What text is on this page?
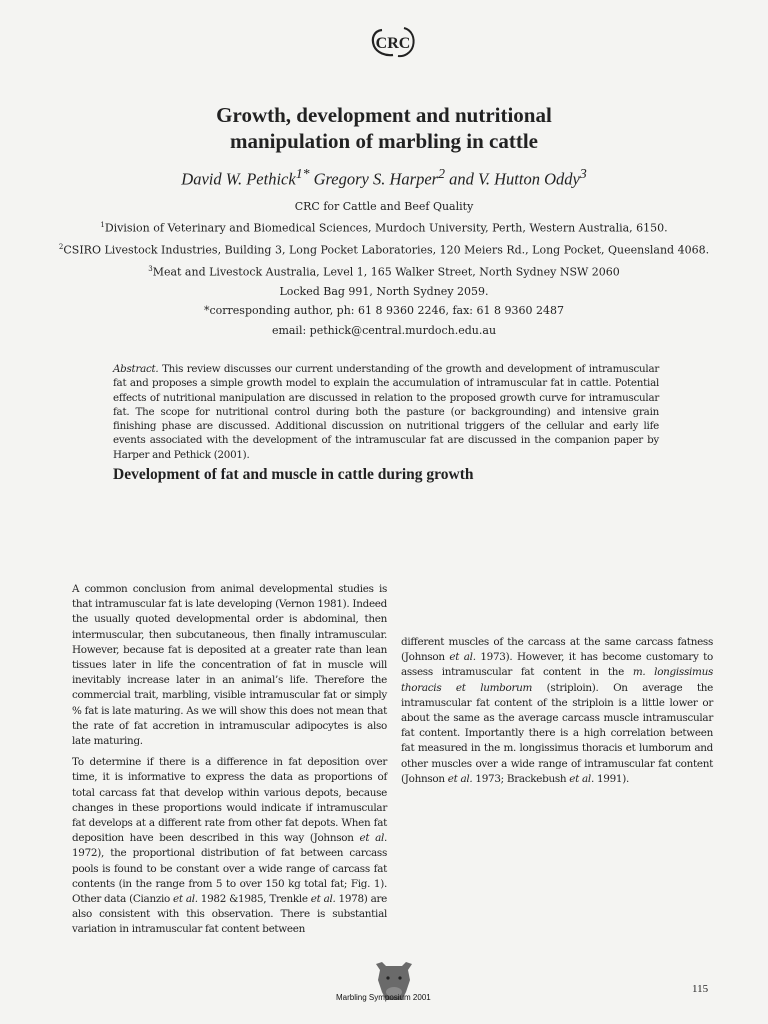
CRC
Growth, development and nutritional
manipulation of marbling in cattle
David W. Pethick$^{1*}$ Gregory S. Harper$^2$ and V. Hutton Oddy$^3$
CRC for Cattle and Beef Quality
$^1$Division of Veterinary and Biomedical Sciences, Murdoch University, Perth, Western Australia, 6150.
$^2$CSIRO Livestock Industries, Building 3, Long Pocket Laboratories, 120 Meiers Rd., Long Pocket, Queensland 4068.
$^3$Meat and Livestock Australia, Level 1, 165 Walker Street, North Sydney NSW 2060
Locked Bag 991, North Sydney 2059.
*corresponding author, ph: 61 8 9360 2246, fax: 61 8 9360 2487
email: pethick@central.murdoch.edu.au
Abstract. This review discusses our current understanding of the growth and development of intramuscular fat and proposes a simple growth model to explain the accumulation of intramuscular fat in cattle. Potential effects of nutritional manipulation are discussed in relation to the proposed growth curve for intramuscular fat. The scope for nutritional control during both the pasture (or backgrounding) and intensive grain finishing phase are discussed. Additional discussion on nutritional triggers of the cellular and early life events associated with the development of the intramuscular fat are discussed in the companion paper by Harper and Pethick (2001).
Development of fat and muscle in cattle during growth

A common conclusion from animal developmental studies is that intramuscular fat is late developing (Vernon 1981). Indeed the usually quoted developmental order is abdominal, then intermuscular, then subcutaneous, then finally intramuscular. However, because fat is deposited at a greater rate than lean tissues later in life the concentration of fat in muscle will inevitably increase later in an animal’s life. Therefore the commercial trait, marbling, visible intramuscular fat or simply % fat is late maturing. As we will show this does not mean that the rate of fat accretion in intramuscular adipocytes is also late maturing.

To determine if there is a difference in fat deposition over time, it is informative to express the data as proportions of total carcass fat that develop within various depots, because changes in these proportions would indicate if intramuscular fat develops at a different rate from other fat depots. When fat deposition have been described in this way (Johnson et al. 1972), the proportional distribution of fat between carcass pools is found to be constant over a wide range of carcass fat contents (in the range from 5 to over 150 kg total fat; Fig. 1). Other data (Cianzio et al. 1982 &1985, Trenkle et al. 1978) are also consistent with this observation. There is substantial variation in intramuscular fat content between

different muscles of the carcass at the same carcass fatness (Johnson et al. 1973). However, it has become customary to assess intramuscular fat content in the m. longissimus thoracis et lumborum (striploin). On average the intramuscular fat content of the striploin is a little lower or about the same as the average carcass muscle intramuscular fat content. Importantly there is a high correlation between fat measured in the m. longissimus thoracis et lumborum and other muscles over a wide range of intramuscular fat content (Johnson et al. 1973; Brackebush et al. 1991).

Marbling Symposium 2001
115
